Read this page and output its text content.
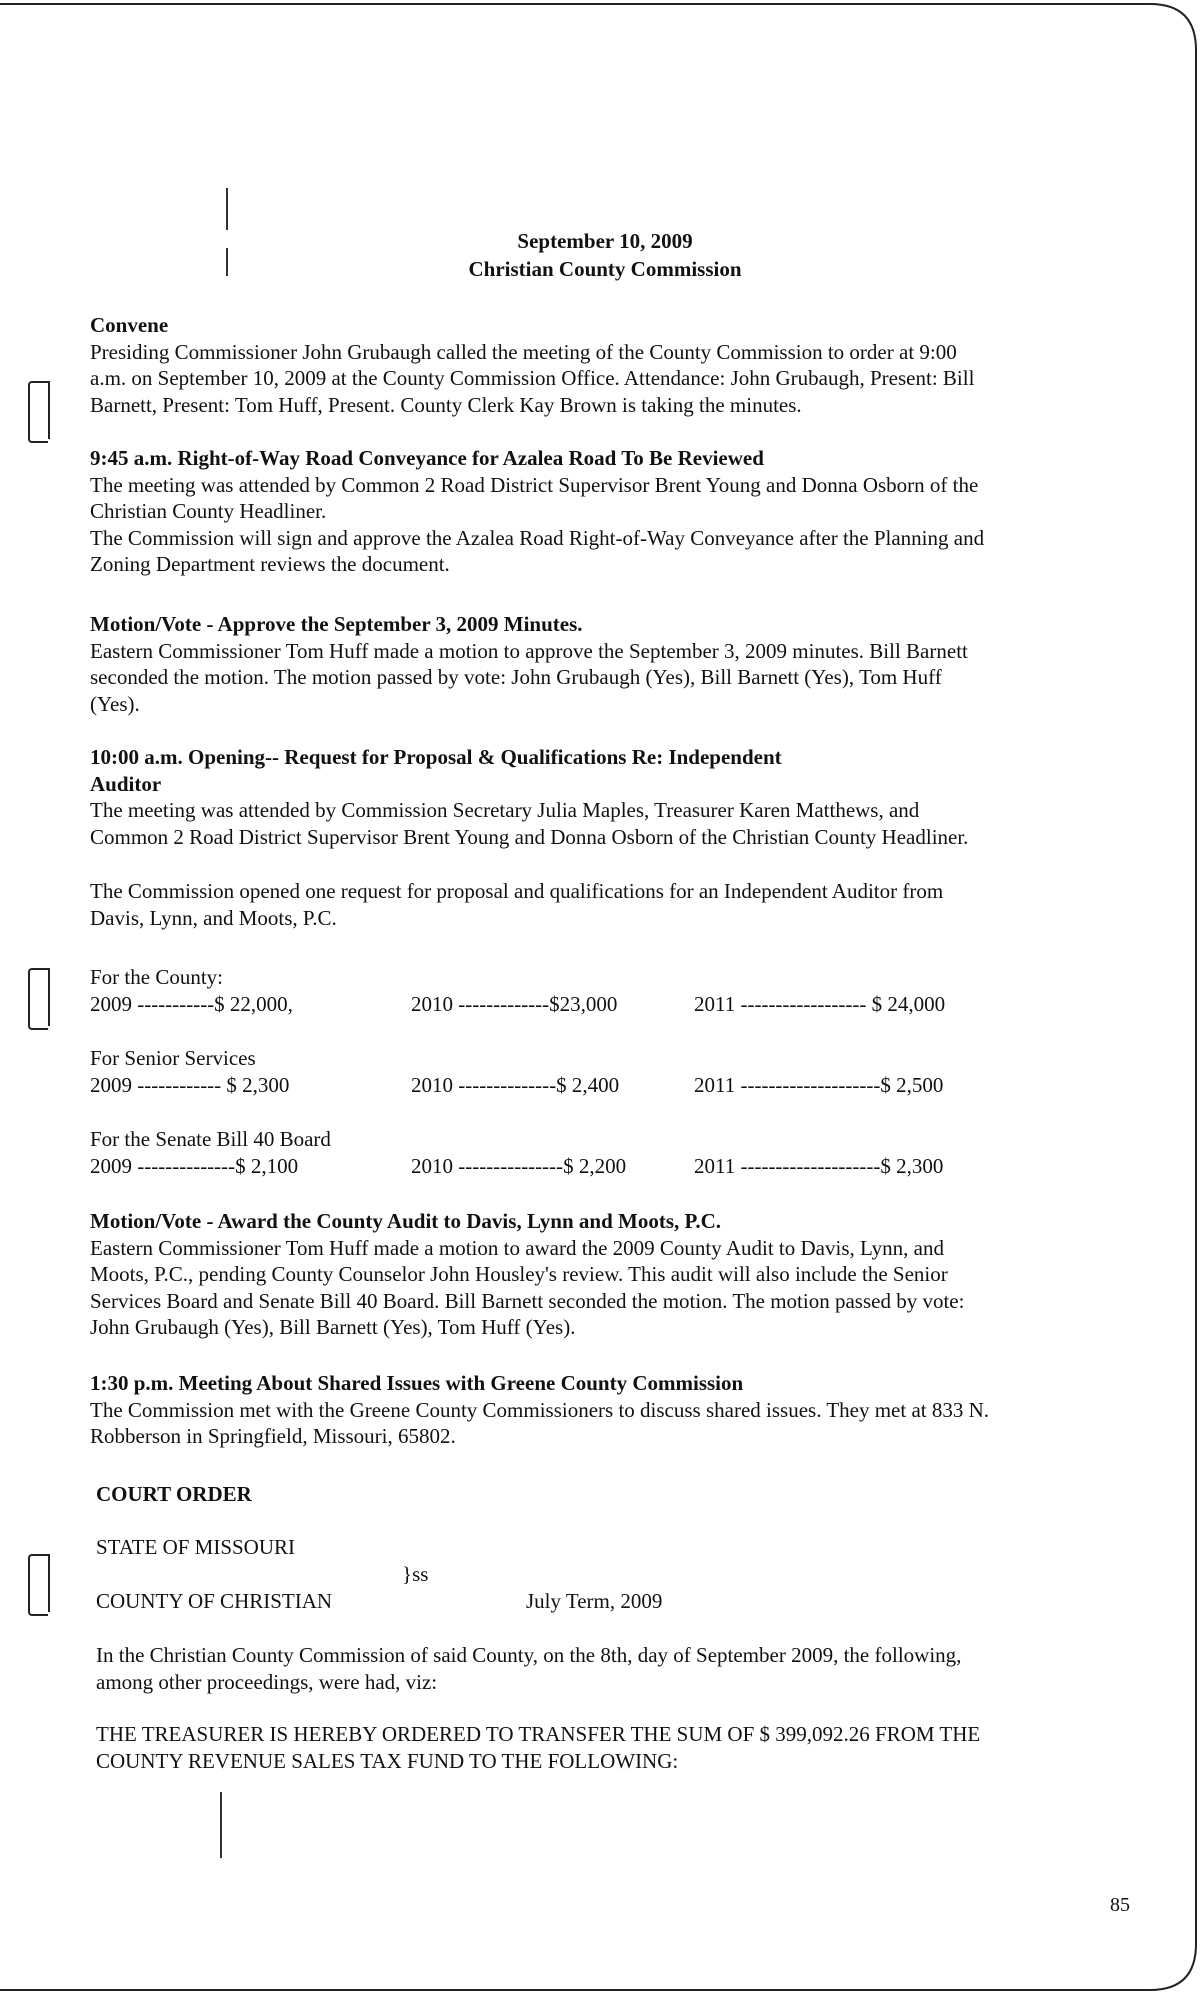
September 10, 2009
Christian County Commission
Convene

Presiding Commissioner John Grubaugh called the meeting of the County Commission to order at 9:00

a.m. on September 10, 2009 at the County Commission Office. Attendance: John Grubaugh, Present: Bill

Barnett, Present: Tom Huff, Present. County Clerk Kay Brown is taking the minutes.

9:45 a.m. Right-of-Way Road Conveyance for Azalea Road To Be Reviewed

The meeting was attended by Common 2 Road District Supervisor Brent Young and Donna Osborn of the

Christian County Headliner.

The Commission will sign and approve the Azalea Road Right-of-Way Conveyance after the Planning and

Zoning Department reviews the document.

Motion/Vote - Approve the September 3, 2009 Minutes.

Eastern Commissioner Tom Huff made a motion to approve the September 3, 2009 minutes. Bill Barnett

seconded the motion. The motion passed by vote: John Grubaugh (Yes), Bill Barnett (Yes), Tom Huff

(Yes).

10:00 a.m. Opening-- Request for Proposal & Qualifications Re: Independent
Auditor

The meeting was attended by Commission Secretary Julia Maples, Treasurer Karen Matthews, and

Common 2 Road District Supervisor Brent Young and Donna Osborn of the Christian County Headliner.

The Commission opened one request for proposal and qualifications for an Independent Auditor from

Davis, Lynn, and Moots, P.C.

For the County:
2009 -----------$ 22,000,	2010 -------------$23,000	2011 ------------------ $ 24,000
For Senior Services
2009 ------------ $ 2,300	2010 --------------$ 2,400	2011 --------------------$ 2,500
For the Senate Bill 40 Board
2009 --------------$ 2,100	2010 ---------------$ 2,200	2011 --------------------$ 2,300
Motion/Vote - Award the County Audit to Davis, Lynn and Moots, P.C.

Eastern Commissioner Tom Huff made a motion to award the 2009 County Audit to Davis, Lynn, and

Moots, P.C., pending County Counselor John Housley's review. This audit will also include the Senior

Services Board and Senate Bill 40 Board. Bill Barnett seconded the motion. The motion passed by vote:

John Grubaugh (Yes), Bill Barnett (Yes), Tom Huff (Yes).

1:30 p.m. Meeting About Shared Issues with Greene County Commission

The Commission met with the Greene County Commissioners to discuss shared issues. They met at 833 N.

Robberson in Springfield, Missouri, 65802.

COURT ORDER
STATE OF MISSOURI
}ss
COUNTY OF CHRISTIAN	July Term, 2009
In the Christian County Commission of said County, on the 8th, day of September 2009, the following,
among other proceedings, were had, viz:
THE TREASURER IS HEREBY ORDERED TO TRANSFER THE SUM OF $ 399,092.26 FROM THE
COUNTY REVENUE SALES TAX FUND TO THE FOLLOWING:
85
